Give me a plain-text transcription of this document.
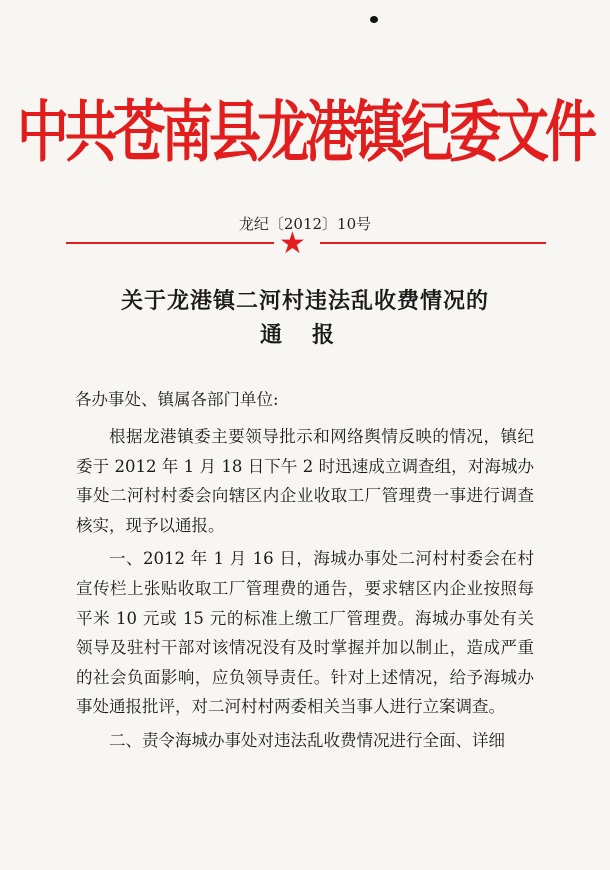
中共苍南县龙港镇纪委文件
龙纪〔2012〕10号
★
关于龙港镇二河村违法乱收费情况的
通报
各办事处、镇属各部门单位:

根据龙港镇委主要领导批示和网络舆情反映的情况，镇纪委于 2012 年 1 月 18 日下午 2 时迅速成立调查组，对海城办事处二河村村委会向辖区内企业收取工厂管理费一事进行调查核实，现予以通报。

一、2012 年 1 月 16 日，海城办事处二河村村委会在村宣传栏上张贴收取工厂管理费的通告，要求辖区内企业按照每平米 10 元或 15 元的标准上缴工厂管理费。海城办事处有关领导及驻村干部对该情况没有及时掌握并加以制止，造成严重的社会负面影响，应负领导责任。针对上述情况，给予海城办事处通报批评，对二河村村两委相关当事人进行立案调查。

二、责令海城办事处对违法乱收费情况进行全面、详细
